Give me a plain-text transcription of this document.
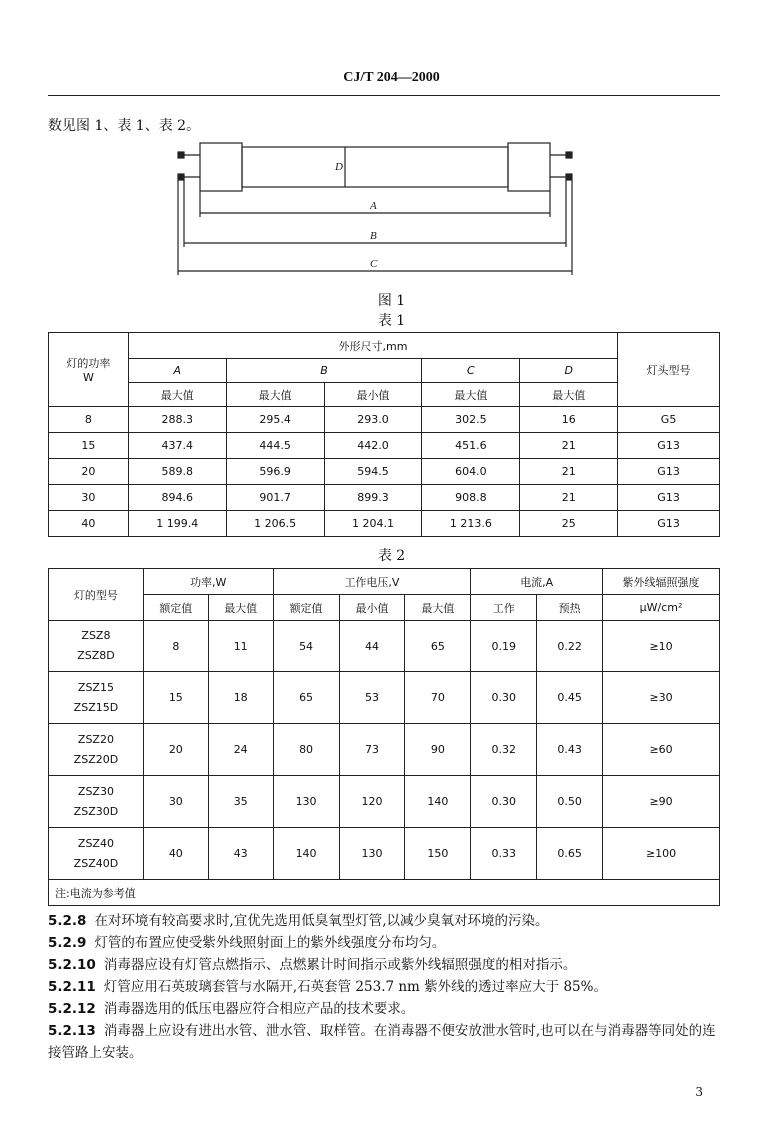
CJ/T 204—2000
数见图 1、表 1、表 2。
D
A
B
C
图 1
表 1
灯的功率
W	外形尺寸,mm					灯头型号
	A	B		C	D	
	最大值	最大值	最小值	最大值	最大值	
8	288.3	295.4	293.0	302.5	16	G5
15	437.4	444.5	442.0	451.6	21	G13
20	589.8	596.9	594.5	604.0	21	G13
30	894.6	901.7	899.3	908.8	21	G13
40	1 199.4	1 206.5	1 204.1	1 213.6	25	G13
表 2
灯的型号	功率,W		工作电压,V			电流,A		紫外线辐照强度
	额定值	最大值	额定值	最小值	最大值	工作	预热	μW/cm²

ZSZ8
ZSZ8D	8	11	54	44	65	0.19	0.22	≥10

ZSZ15
ZSZ15D	15	18	65	53	70	0.30	0.45	≥30

ZSZ20
ZSZ20D	20	24	80	73	90	0.32	0.43	≥60

ZSZ30
ZSZ30D	30	35	130	120	140	0.30	0.50	≥90

ZSZ40
ZSZ40D	40	43	140	130	150	0.33	0.65	≥100
注:电流为参考值								
5.2.8 在对环境有较高要求时,宜优先选用低臭氧型灯管,以减少臭氧对环境的污染。
5.2.9 灯管的布置应使受紫外线照射面上的紫外线强度分布均匀。
5.2.10 消毒器应设有灯管点燃指示、点燃累计时间指示或紫外线辐照强度的相对指示。
5.2.11 灯管应用石英玻璃套管与水隔开,石英套管 253.7 nm 紫外线的透过率应大于 85%。
5.2.12 消毒器选用的低压电器应符合相应产品的技术要求。
5.2.13 消毒器上应设有进出水管、泄水管、取样管。在消毒器不便安放泄水管时,也可以在与消毒器等同处的连接管路上安装。
3
